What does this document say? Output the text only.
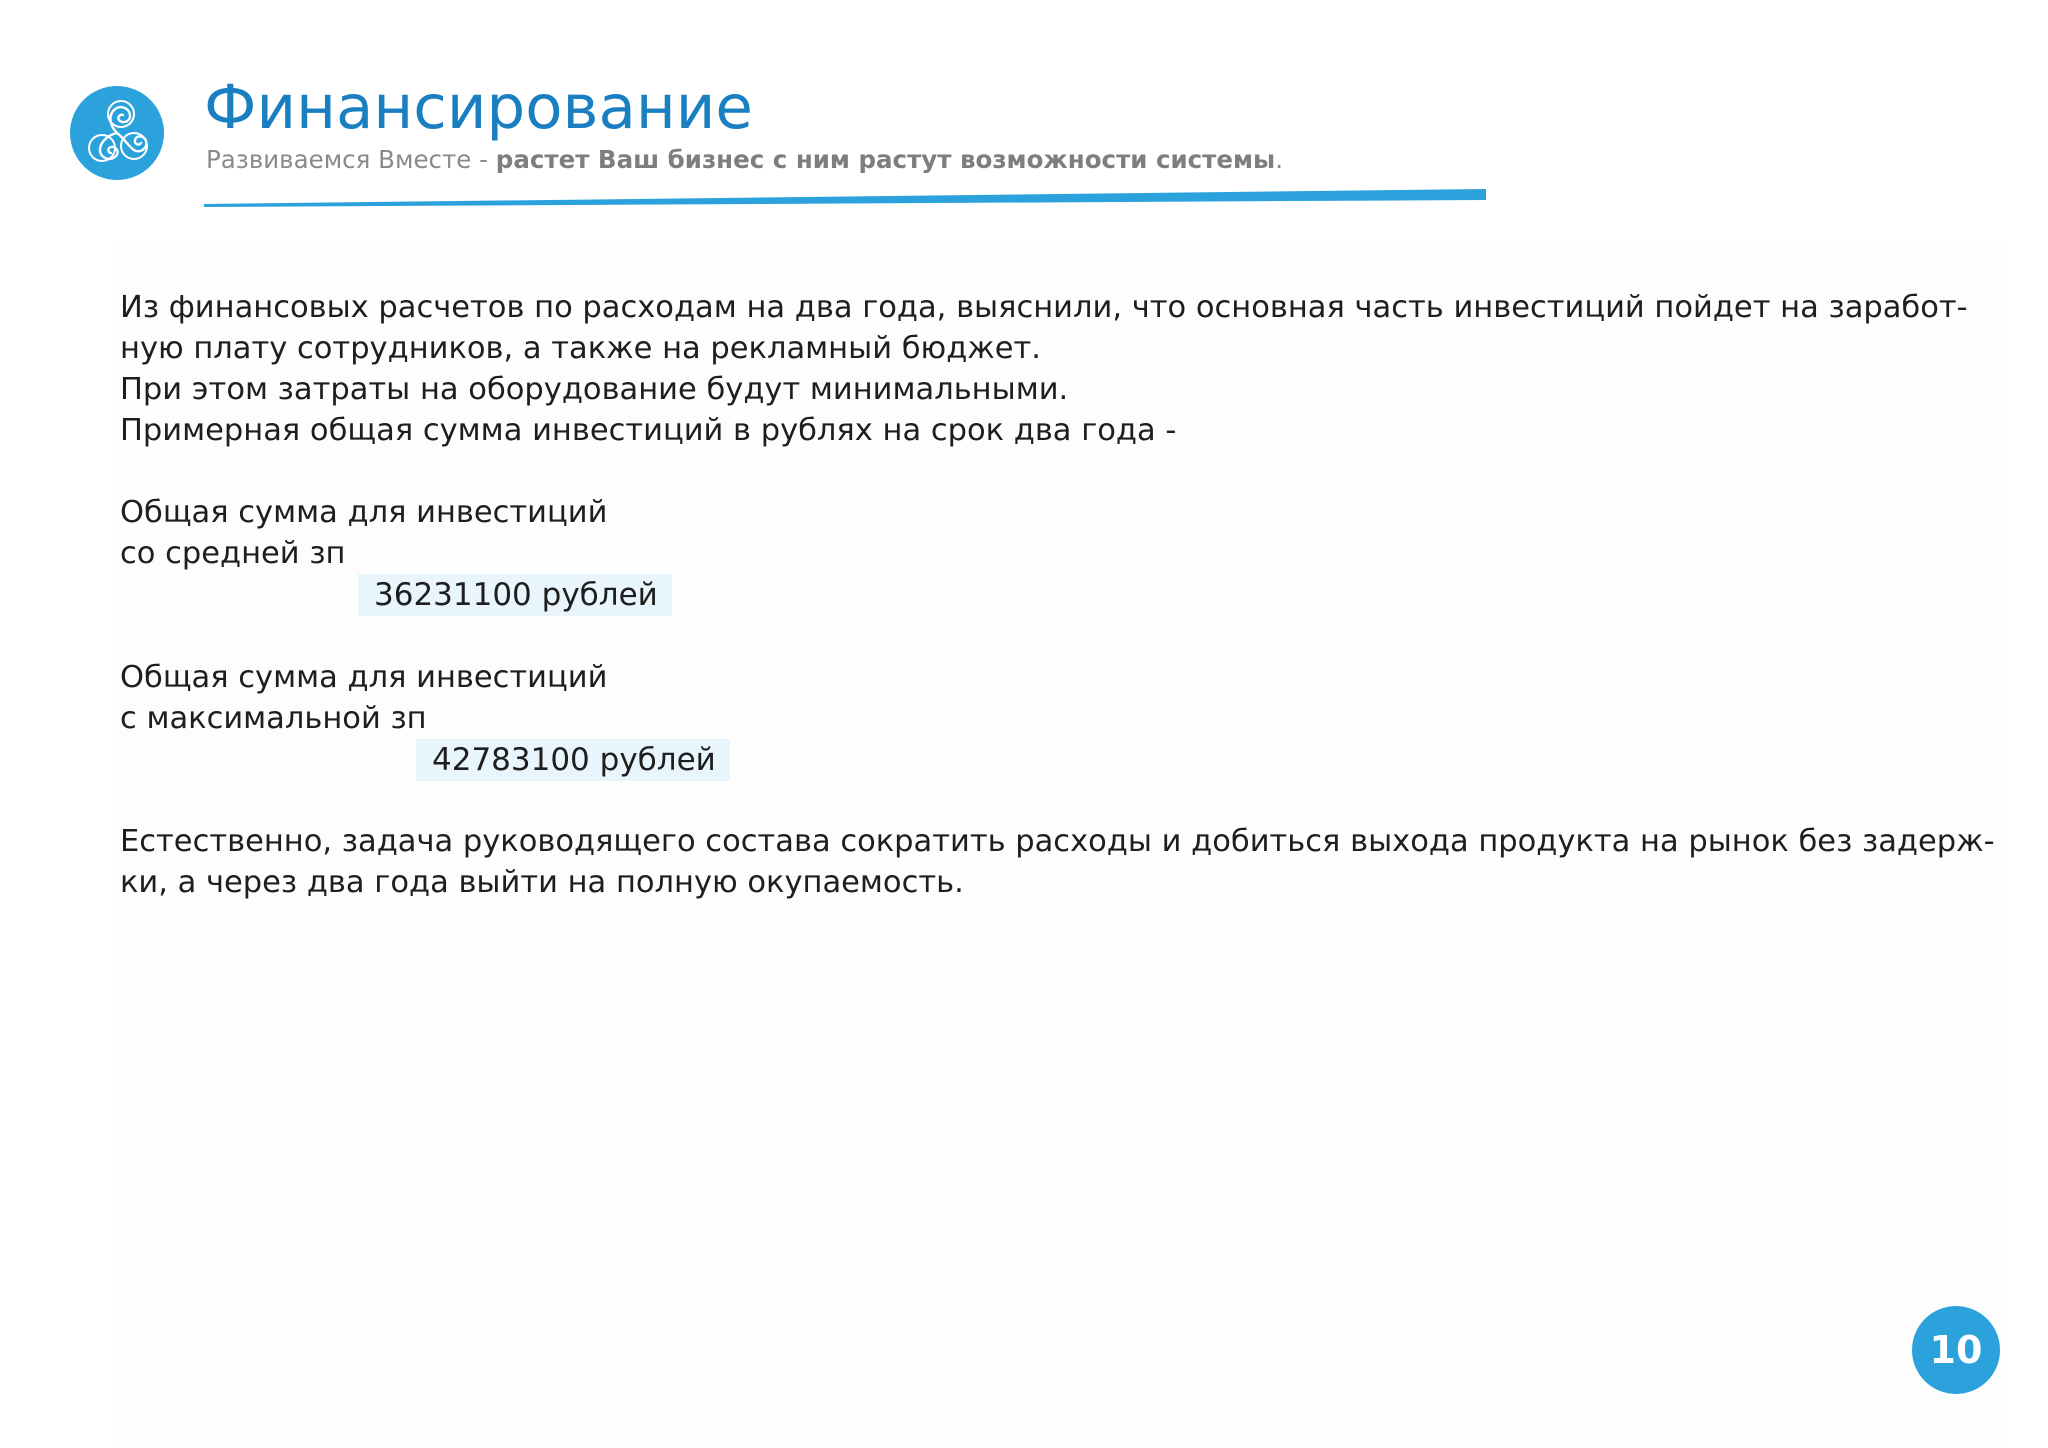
Финансирование
Развиваемся Вместе - растет Ваш бизнес с ним растут возможности системы.
Из финансовых расчетов по расходам на два года, выяснили, что основная часть инвестиций пойдет на заработ-
ную плату сотрудников, а также на рекламный бюджет.
При этом затраты на оборудование будут минимальными.
Примерная общая сумма инвестиций в рублях на срок два года -
Общая сумма для инвестиций
со средней зп
36231100 рублей
Общая сумма для инвестиций
с максимальной зп
42783100 рублей
Естественно, задача руководящего состава сократить расходы и добиться выхода продукта на рынок без задерж-
ки, а через два года выйти на полную окупаемость.
10
